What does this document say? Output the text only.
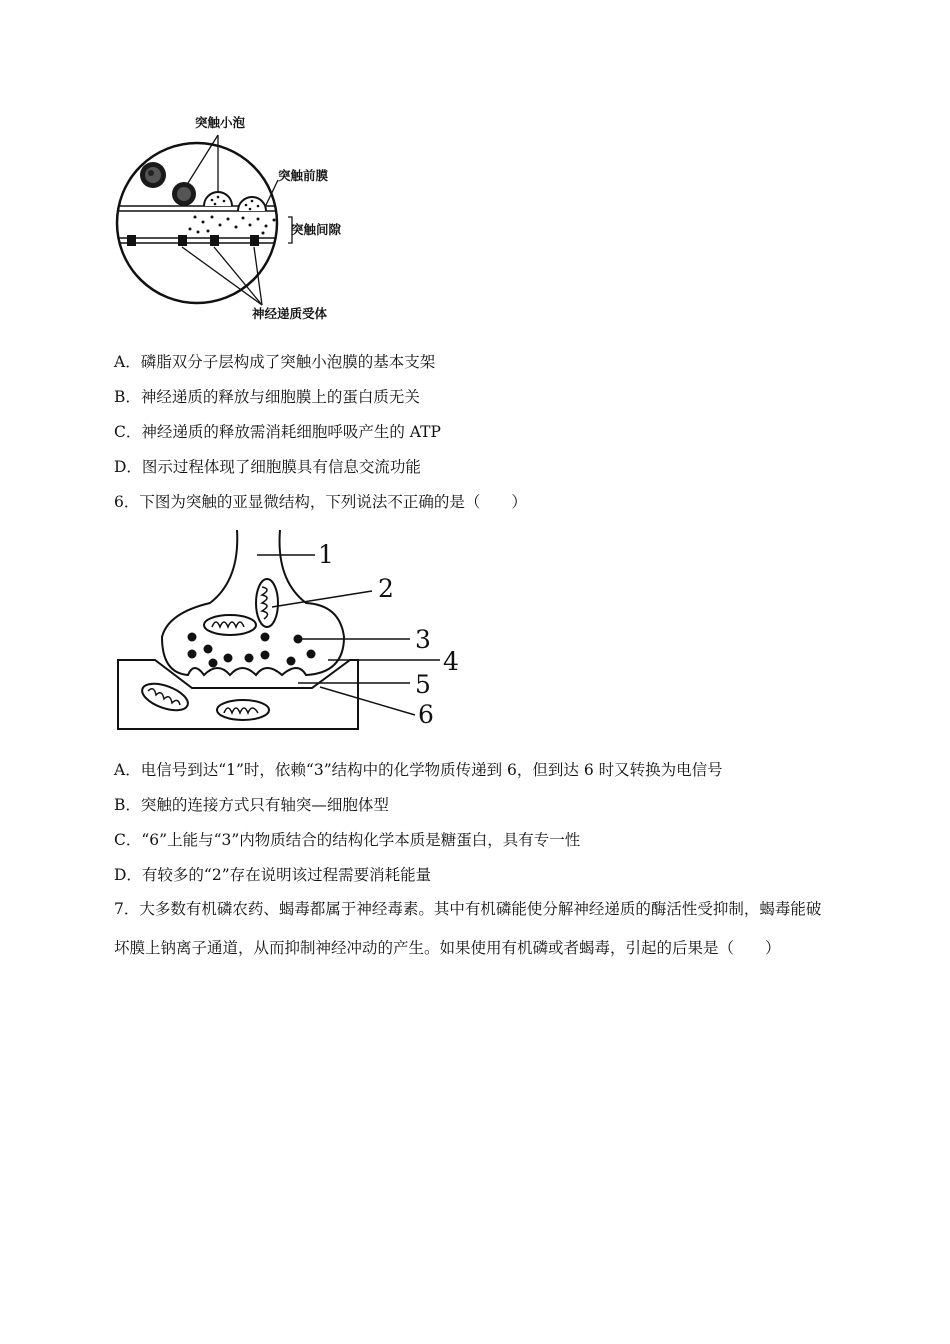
突触小泡
突触前膜
突触间隙
神经递质受体
A．磷脂双分子层构成了突触小泡膜的基本支架
B．神经递质的释放与细胞膜上的蛋白质无关
C．神经递质的释放需消耗细胞呼吸产生的 ATP
D．图示过程体现了细胞膜具有信息交流功能
6．下图为突触的亚显微结构，下列说法不正确的是（　　）
1
2
3
4
5
6
A．电信号到达“1”时，依赖“3”结构中的化学物质传递到 6，但到达 6 时又转换为电信号
B．突触的连接方式只有轴突—细胞体型
C．“6”上能与“3”内物质结合的结构化学本质是糖蛋白，具有专一性
D．有较多的“2”存在说明该过程需要消耗能量
7．大多数有机磷农药、蝎毒都属于神经毒素。其中有机磷能使分解神经递质的酶活性受抑制，蝎毒能破坏膜上钠离子通道，从而抑制神经冲动的产生。如果使用有机磷或者蝎毒，引起的后果是（　　）
